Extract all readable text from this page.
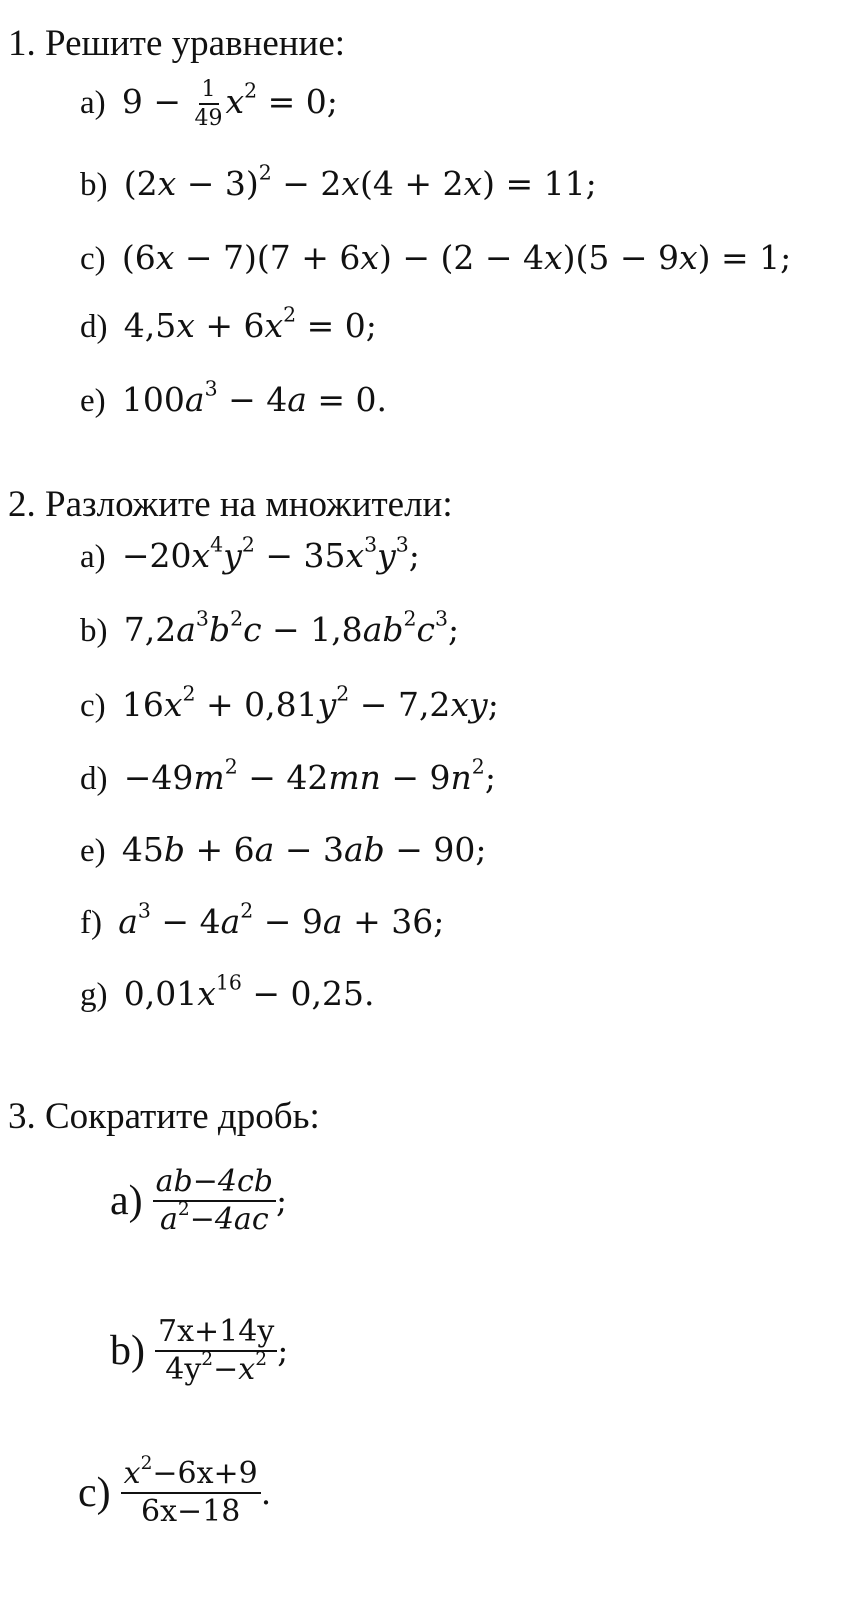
1. Решите уравнение:
a) $9 - \frac{1}{49} x^2 = 0$;
b) $(2x - 3)^2 - 2x(4 + 2x) = 11$;
c) (6x − 7)(7 + 6x) − (2 − 4x)(5 − 9x) = 1;
d) $4,5x + 6x^2 = 0$;
e) $100a^3 - 4a = 0$.
2. Разложите на множители:
$a) -20x^4y^2 - 35x^3y^3$;
b) $7,2a^3b^2c - 1,8ab^2c^3$;
c) $16x^2 + 0,81y^2 - 7,2xy$;
$d) -49m^2 - 42mn - 9n^2$;
e) 45b + 6a − 3ab − 90;
f) $a^3 - 4a^2 - 9a + 36$;
g) $0,01x^{16} - 0,25$.
3. Сократите дробь:
$a) \frac{ab-4cb}{a^2-4ac}$ ;
$b) \frac{7x+14y}{4y^2-x^2}$ ;
$c) \frac{x^2-6x+9}{6x-18}$ .
